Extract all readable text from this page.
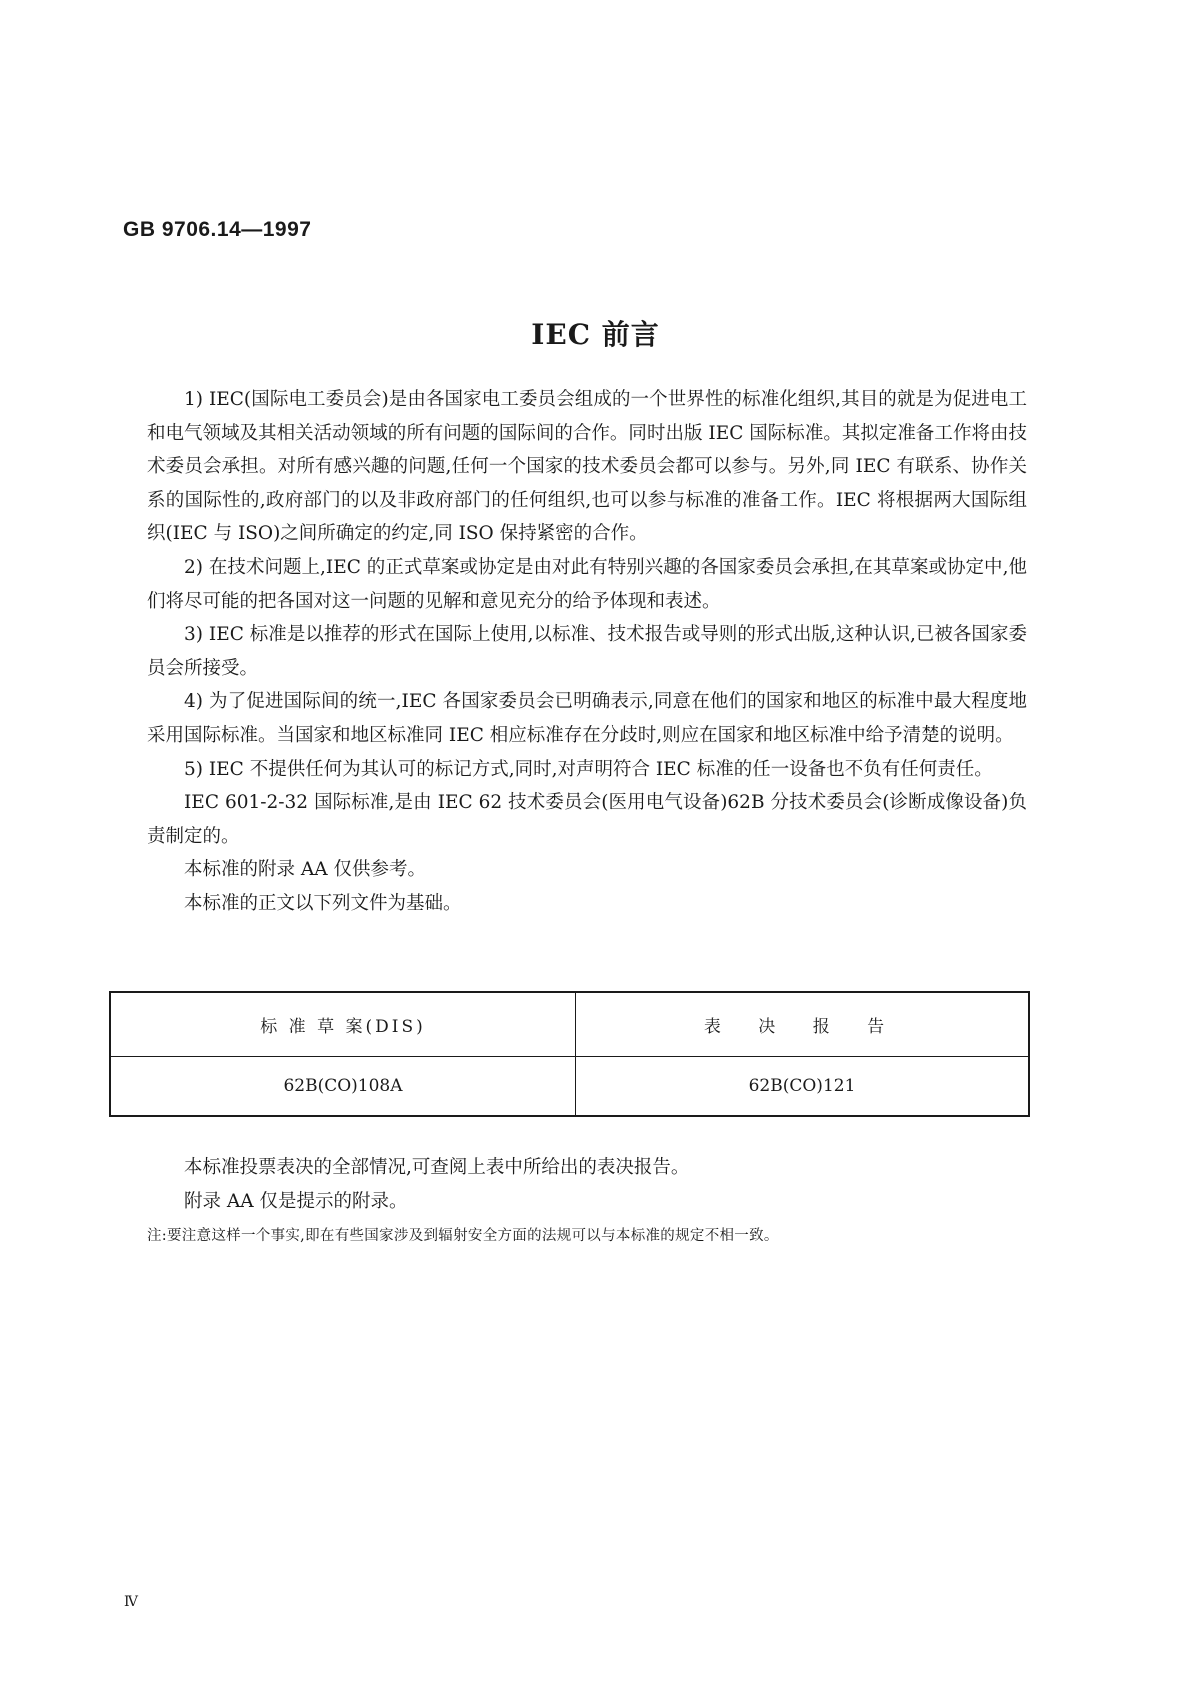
GB 9706.14—1997
IEC 前言

1) IEC(国际电工委员会)是由各国家电工委员会组成的一个世界性的标准化组织,其目的就是为促进电工和电气领域及其相关活动领域的所有问题的国际间的合作。同时出版 IEC 国际标准。其拟定准备工作将由技术委员会承担。对所有感兴趣的问题,任何一个国家的技术委员会都可以参与。另外,同 IEC 有联系、协作关系的国际性的,政府部门的以及非政府部门的任何组织,也可以参与标准的准备工作。IEC 将根据两大国际组织(IEC 与 ISO)之间所确定的约定,同 ISO 保持紧密的合作。

2) 在技术问题上,IEC 的正式草案或协定是由对此有特别兴趣的各国家委员会承担,在其草案或协定中,他们将尽可能的把各国对这一问题的见解和意见充分的给予体现和表述。

3) IEC 标准是以推荐的形式在国际上使用,以标准、技术报告或导则的形式出版,这种认识,已被各国家委员会所接受。

4) 为了促进国际间的统一,IEC 各国家委员会已明确表示,同意在他们的国家和地区的标准中最大程度地采用国际标准。当国家和地区标准同 IEC 相应标准存在分歧时,则应在国家和地区标准中给予清楚的说明。

5) IEC 不提供任何为其认可的标记方式,同时,对声明符合 IEC 标准的任一设备也不负有任何责任。

IEC 601-2-32 国际标准,是由 IEC 62 技术委员会(医用电气设备)62B 分技术委员会(诊断成像设备)负责制定的。

本标准的附录 AA 仅供参考。

本标准的正文以下列文件为基础。

标 准 草 案(DIS)	表 决 报 告
62B(CO)108A	62B(CO)121

本标准投票表决的全部情况,可查阅上表中所给出的表决报告。

附录 AA 仅是提示的附录。

注:要注意这样一个事实,即在有些国家涉及到辐射安全方面的法规可以与本标准的规定不相一致。
Ⅳ
